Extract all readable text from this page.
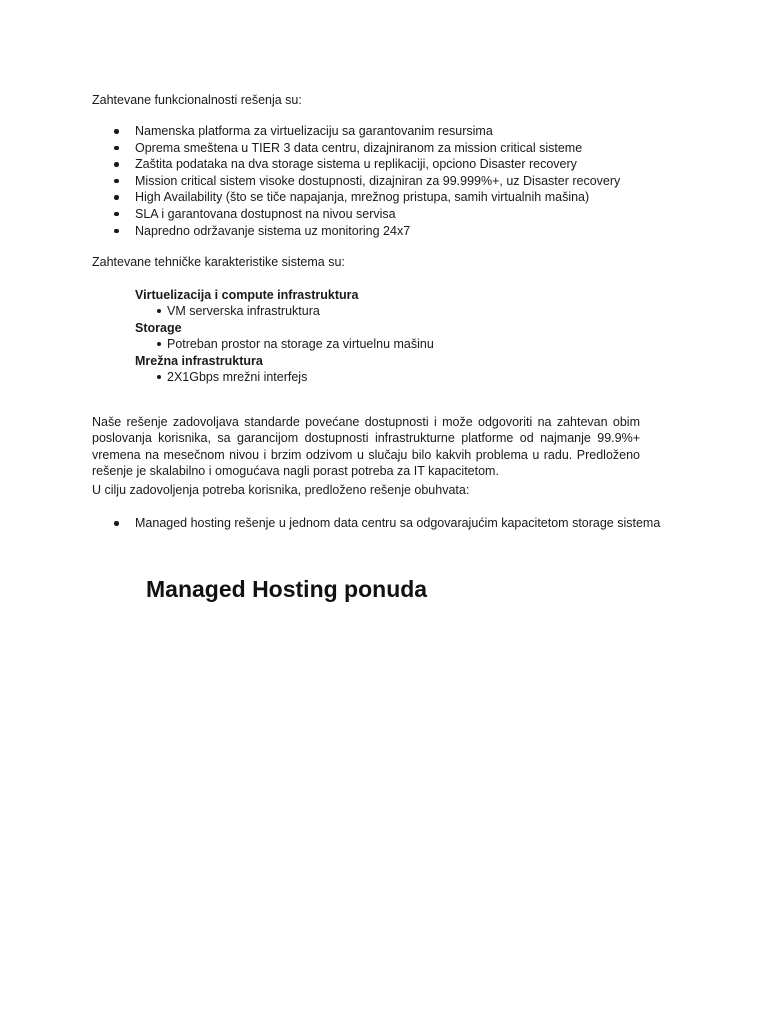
Zahtevane funkcionalnosti rešenja su:

Namenska platforma za virtuelizaciju sa garantovanim resursima
Oprema smeštena u TIER 3 data centru, dizajniranom za mission critical sisteme
Zaštita podataka na dva storage sistema u replikaciji, opciono Disaster recovery
Mission critical sistem visoke dostupnosti, dizajniran za 99.999%+, uz Disaster recovery
High Availability (što se tiče napajanja, mrežnog pristupa, samih virtualnih mašina)
SLA i garantovana dostupnost na nivou servisa
Napredno održavanje sistema uz monitoring 24x7

Zahtevane tehničke karakteristike sistema su:

Virtuelizacija i compute infrastruktura
VM serverska infrastruktura
Storage
Potreban prostor na storage za virtuelnu mašinu
Mrežna infrastruktura
2X1Gbps mrežni interfejs

Naše rešenje zadovoljava standarde povećane dostupnosti i može odgovoriti na zahtevan obim poslovanja korisnika, sa garancijom dostupnosti infrastrukturne platforme od najmanje 99.9%+ vremena na mesečnom nivou i brzim odzivom u slučaju bilo kakvih problema u radu. Predloženo rešenje je skalabilno i omogućava nagli porast potreba za IT kapacitetom.

U cilju zadovoljenja potreba korisnika, predloženo rešenje obuhvata:

Managed hosting rešenje u jednom data centru sa odgovarajućim kapacitetom storage sistema
Managed Hosting ponuda
